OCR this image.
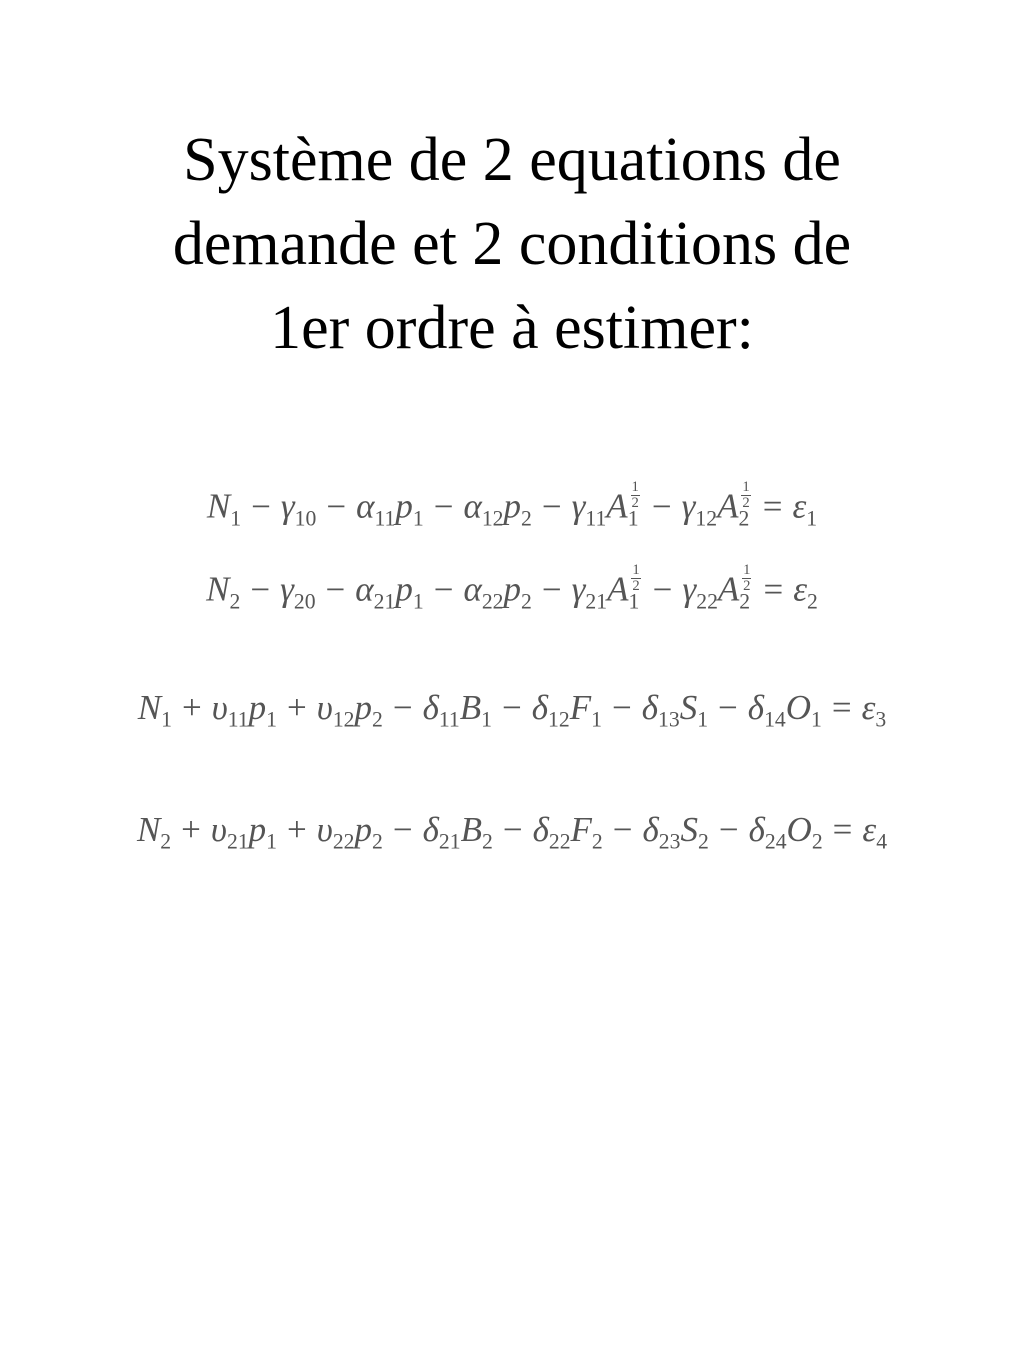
Système de 2 equations de
demande et 2 conditions de
1er ordre à estimer:
$N_1 - \gamma_{10} - \alpha_{11}p_1 - \alpha_{12}p_2 - \gamma_{11}A_1$
$\frac{1}{2} - \gamma_{12}A_2$
$\frac{1}{2} = \varepsilon_1$
$N_2 - \gamma_{20} - \alpha_{21}p_1 - \alpha_{22}p_2 - \gamma_{21}A_1$
$\frac{1}{2} - \gamma_{22}A_2$
$\frac{1}{2} = \varepsilon_2$
$N_1 + \upsilon_{11}p_1 + \upsilon_{12}p_2 - \delta_{11}B_1 - \delta_{12}F_1 - \delta_{13}S_1 - \delta_{14}O_1 = \varepsilon_3$
$N_2 + \upsilon_{21}p_1 + \upsilon_{22}p_2 - \delta_{21}B_2 - \delta_{22}F_2 - \delta_{23}S_2 - \delta_{24}O_2 = \varepsilon_4$
